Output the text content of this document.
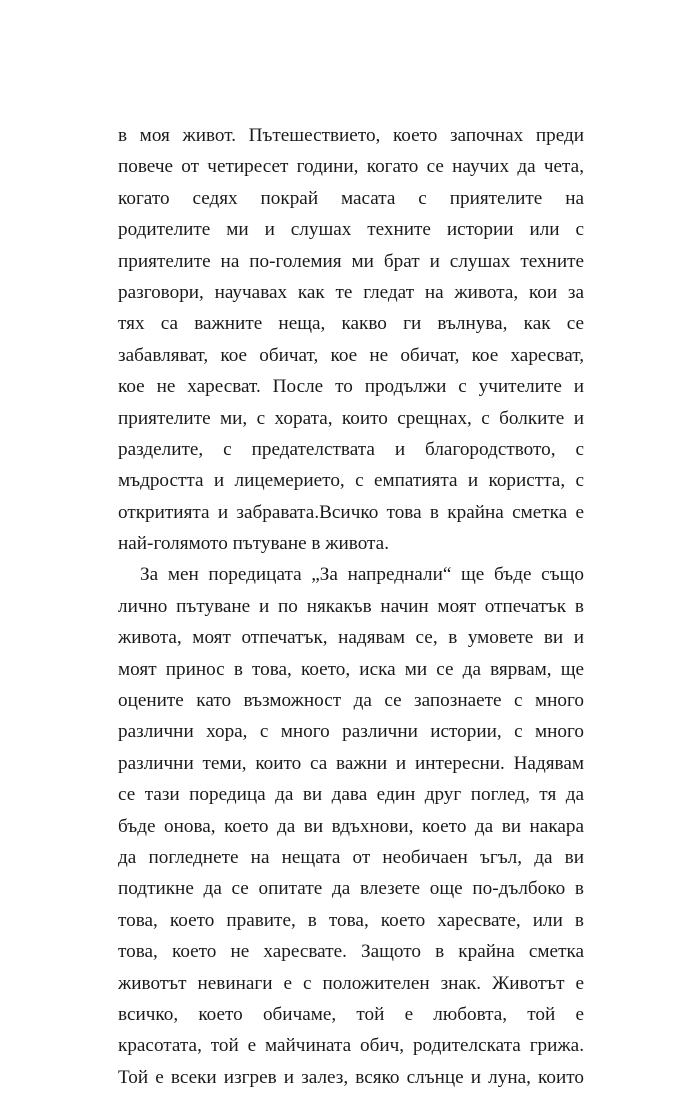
в моя живот. Пътешествието, което започнах преди
повече от четиресет години, когато се научих да чета,
когато седях покрай масата с приятелите на
родителите ми и слушах техните истории или с
приятелите на по-големия ми брат и слушах техните
разговори, научавах как те гледат на живота, кои за
тях са важните неща, какво ги вълнува, как се
забавляват, кое обичат, кое не обичат, кое харесват,
кое не харесват. После то продължи с учителите и
приятелите ми, с хората, които срещнах, с болките и
разделите, с предателствата и благородството, с
мъдростта и лицемерието, с емпатията и користта, с
откритията и забравата.Всичко това в крайна сметка е
най-голямото пътуване в живота.
За мен поредицата „За напреднали“ ще бъде също
лично пътуване и по някакъв начин моят отпечатък в
живота, моят отпечатък, надявам се, в умовете ви и
моят принос в това, което, иска ми се да вярвам, ще
оцените като възможност да се запознаете с много
различни хора, с много различни истории, с много
различни теми, които са важни и интересни. Надявам
се тази поредица да ви дава един друг поглед, тя да
бъде онова, което да ви вдъхнови, което да ви накара
да погледнете на нещата от необичаен ъгъл, да ви
подтикне да се опитате да влезете още по-дълбоко в
това, което правите, в това, което харесвате, или в
това, което не харесвате. Защото в крайна сметка
животът невинаги е с положителен знак. Животът е
всичко, което обичаме, той е любовта, той е
красотата, той е майчината обич, родителската грижа.
Той е всеки изгрев и залез, всяко слънце и луна, които
